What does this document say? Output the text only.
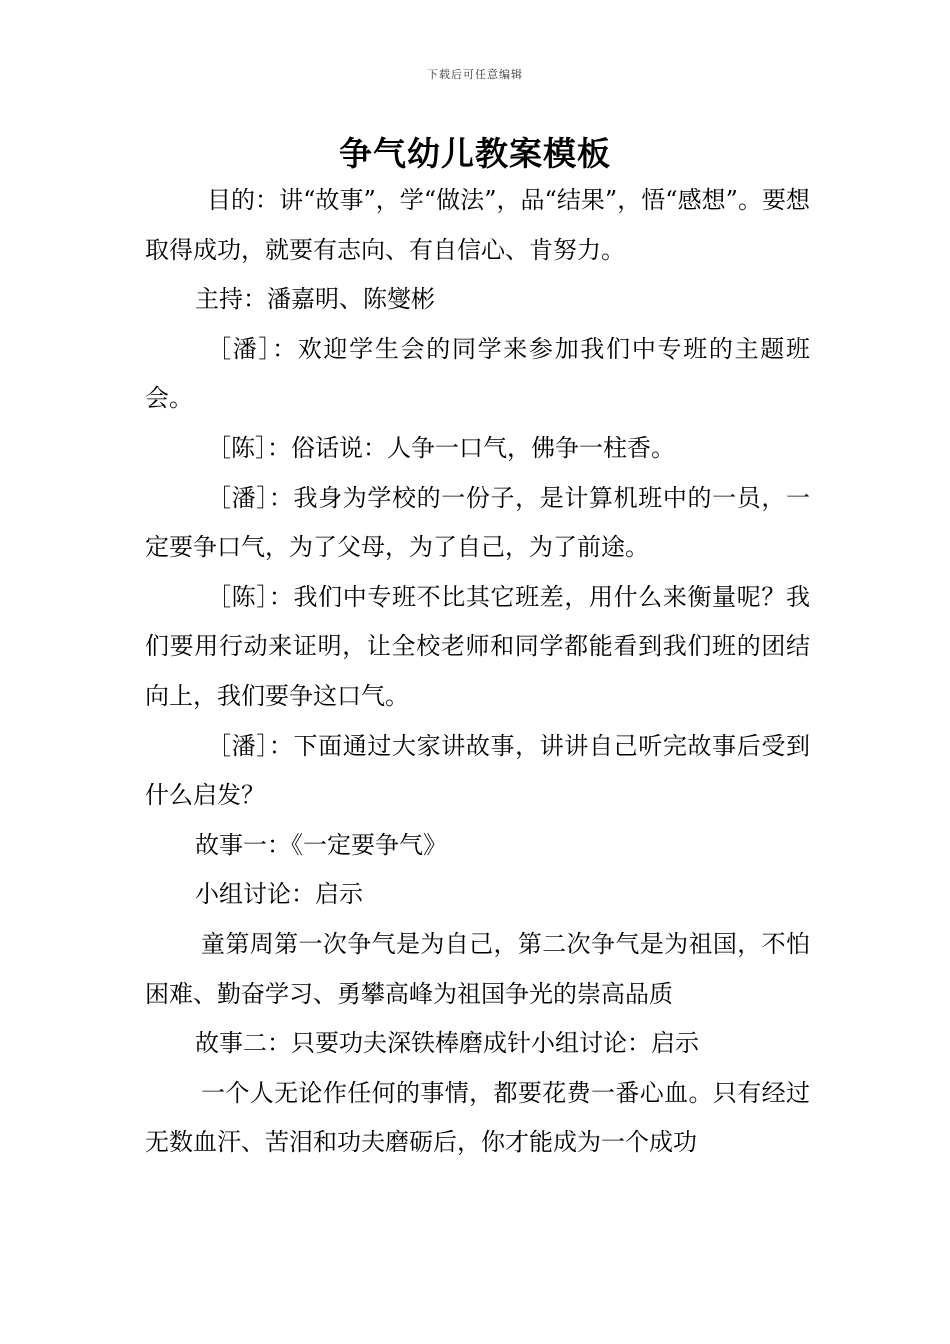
下载后可任意编辑
争气幼儿教案模板

目的：讲“故事”，学“做法”，品“结果”，悟“感想”。要想取得成功，就要有志向、有自信心、肯努力。

主持：潘嘉明、陈燮彬

［潘］：欢迎学生会的同学来参加我们中专班的主题班会。

［陈］：俗话说：人争一口气，佛争一柱香。

［潘］：我身为学校的一份子，是计算机班中的一员，一定要争口气，为了父母，为了自己，为了前途。

［陈］：我们中专班不比其它班差，用什么来衡量呢？我们要用行动来证明，让全校老师和同学都能看到我们班的团结向上，我们要争这口气。

［潘］：下面通过大家讲故事，讲讲自己听完故事后受到什么启发？

故事一：《一定要争气》

小组讨论：启示

童第周第一次争气是为自己，第二次争气是为祖国，不怕困难、勤奋学习、勇攀高峰为祖国争光的崇高品质

故事二：只要功夫深铁棒磨成针小组讨论：启示

一个人无论作任何的事情，都要花费一番心血。只有经过无数血汗、苦泪和功夫磨砺后，你才能成为一个成功
